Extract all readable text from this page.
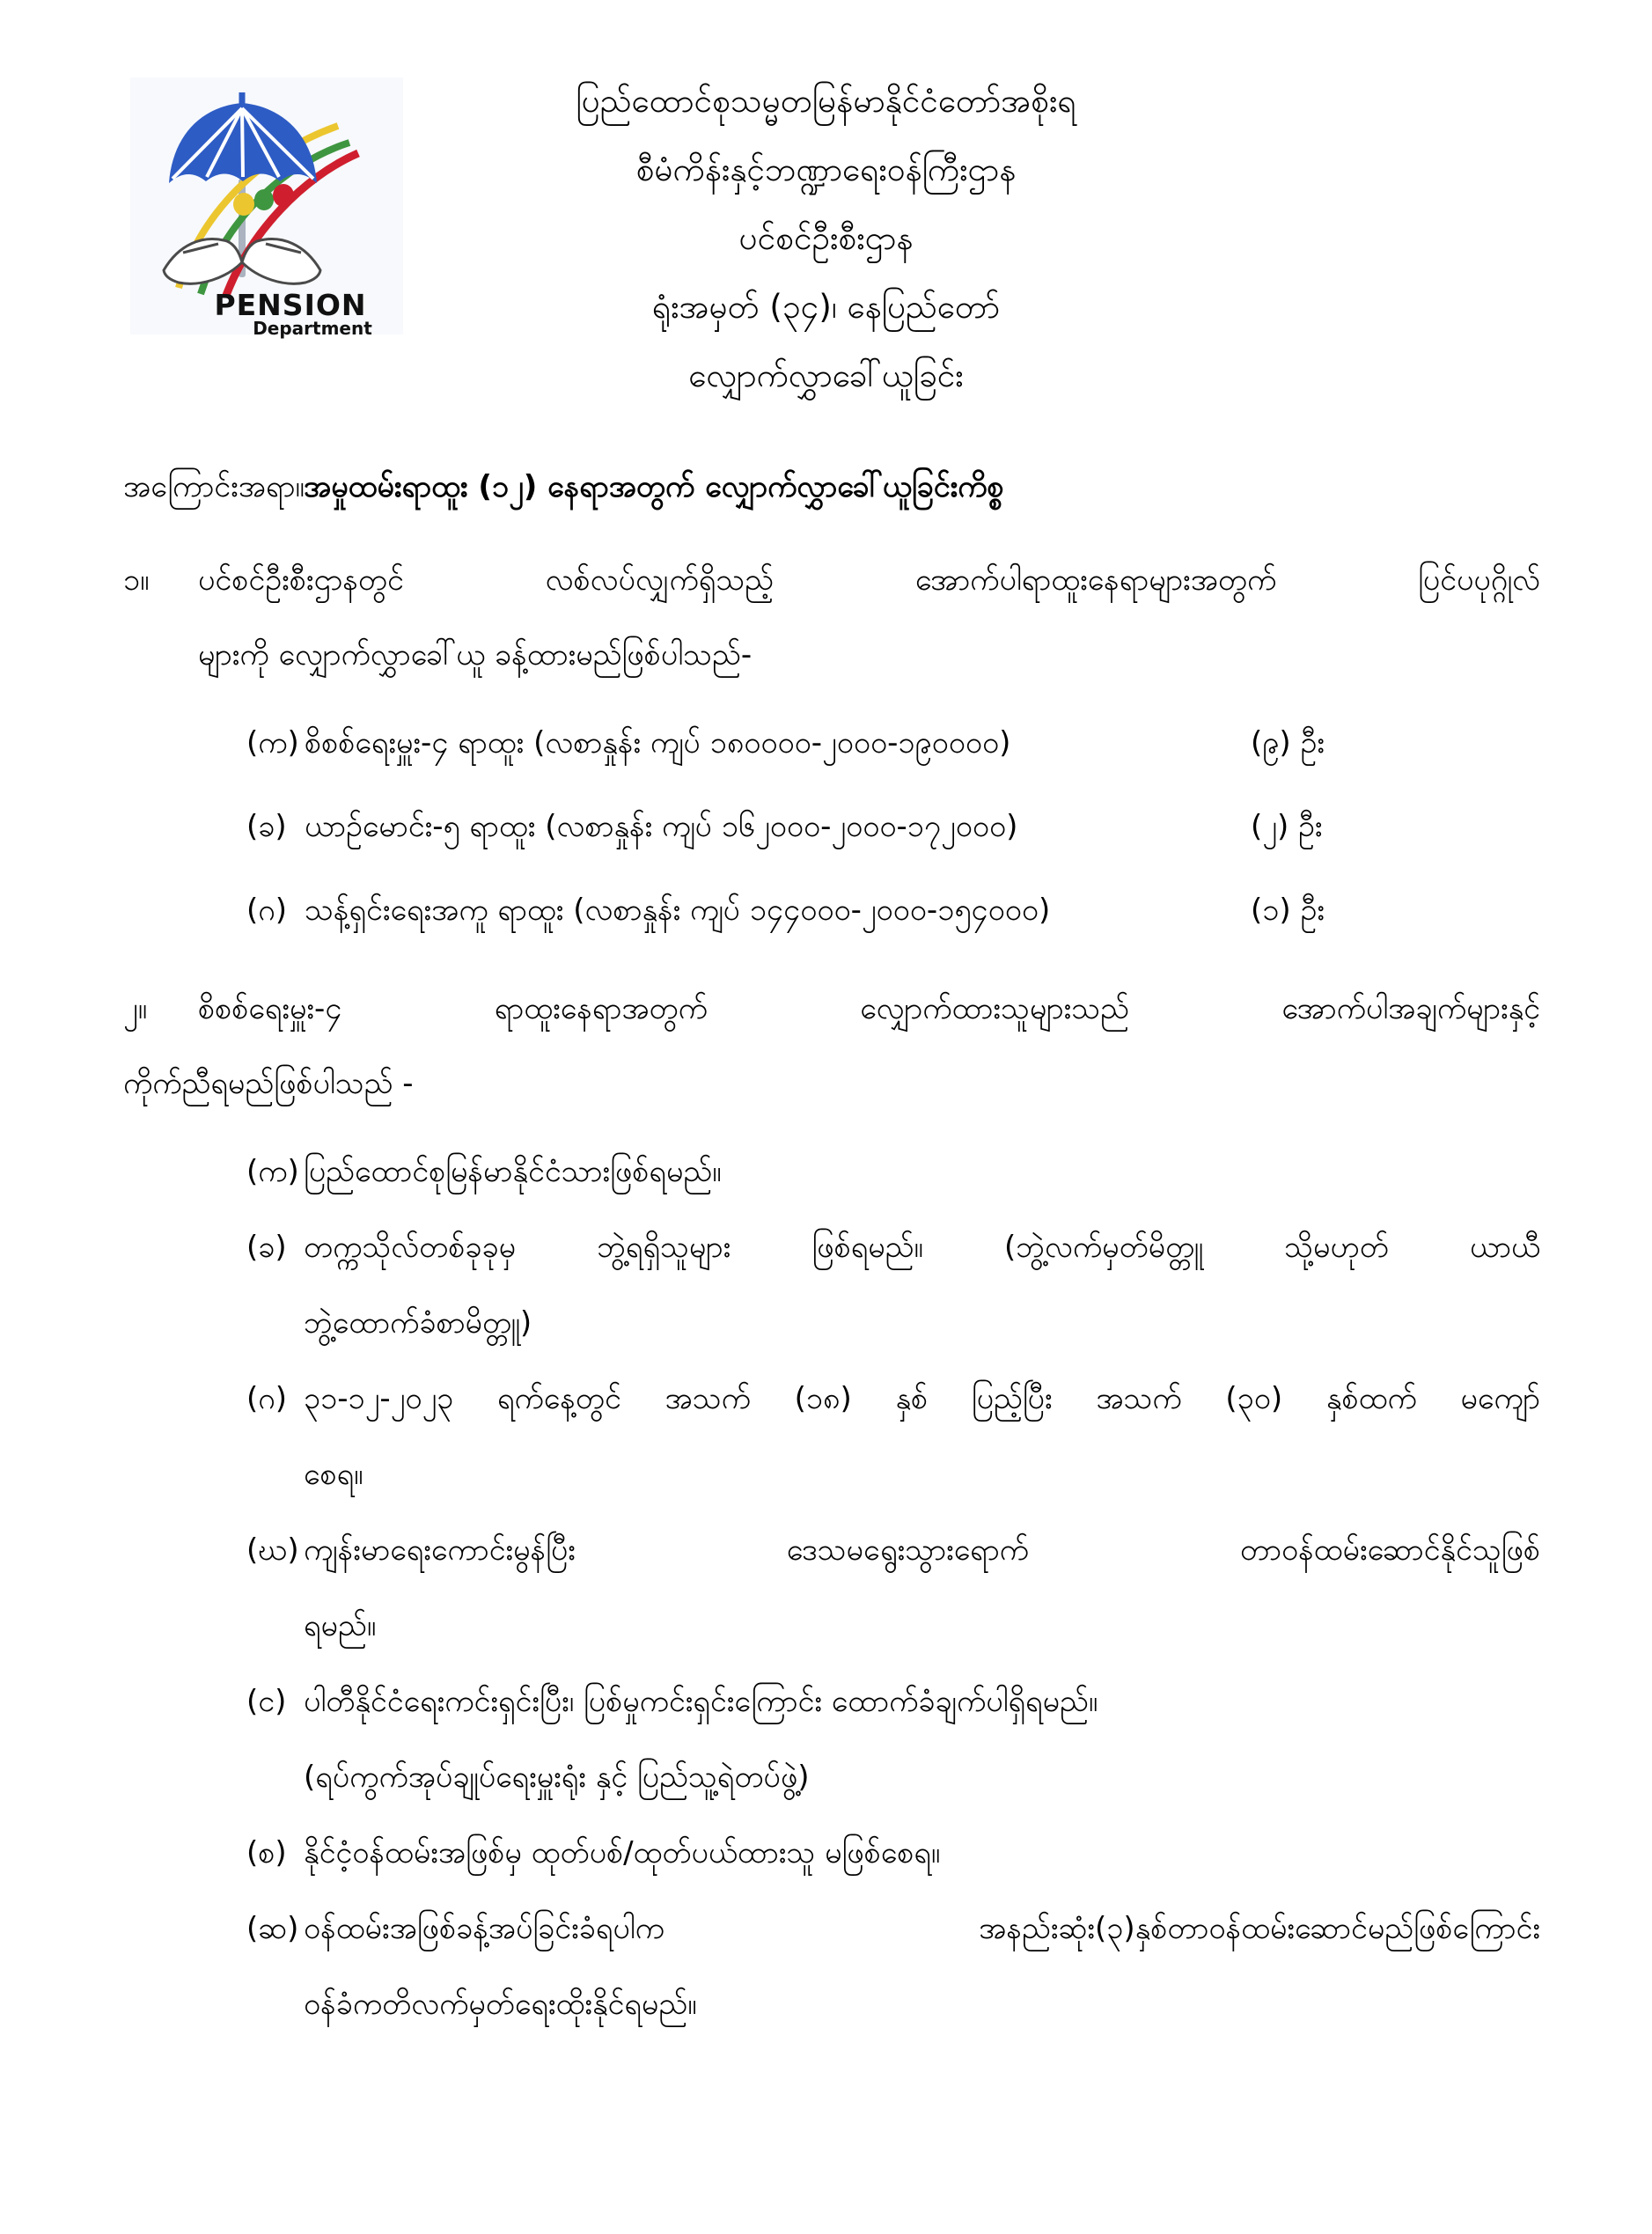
PENSION
Department
ပြည်ထောင်စုသမ္မတမြန်မာနိုင်ငံတော်အစိုးရ
စီမံကိန်းနှင့်ဘဏ္ဍာရေးဝန်ကြီးဌာန
ပင်စင်ဦးစီးဌာန
ရုံးအမှတ် (၃၄)၊ နေပြည်တော်
လျှောက်လွှာခေါ်ယူခြင်း
အကြောင်းအရာ။ အမှုထမ်းရာထူး (၁၂) နေရာအတွက် လျှောက်လွှာခေါ်ယူခြင်းကိစ္စ
၁။	ပင်စင်ဦးစီးဌာနတွင် လစ်လပ်လျှက်ရှိသည့် အောက်ပါရာထူးနေရာများအတွက် ပြင်ပပုဂ္ဂိုလ်
များကို လျှောက်လွှာခေါ်ယူ ခန့်ထားမည်ဖြစ်ပါသည်-
(က) စိစစ်ရေးမှူး-၄ ရာထူး (လစာနှုန်း ကျပ် ၁၈၀၀၀၀-၂၀၀၀-၁၉၀၀၀၀)	(၉) ဦး
(ခ) ယာဉ်မောင်း-၅ ရာထူး (လစာနှုန်း ကျပ် ၁၆၂၀၀၀-၂၀၀၀-၁၇၂၀၀၀)	(၂) ဦး
(ဂ) သန့်ရှင်းရေးအကူ ရာထူး (လစာနှုန်း ကျပ် ၁၄၄၀၀၀-၂၀၀၀-၁၅၄၀၀၀)	(၁) ဦး
၂။ စိစစ်ရေးမှူး-၄ ရာထူးနေရာအတွက် လျှောက်ထားသူများသည် အောက်ပါအချက်များနှင့်
ကိုက်ညီရမည်ဖြစ်ပါသည် -
(က) ပြည်ထောင်စုမြန်မာနိုင်ငံသားဖြစ်ရမည်။
(ခ) တက္ကသိုလ်တစ်ခုခုမှ ဘွဲ့ရရှိသူများ ဖြစ်ရမည်။ (ဘွဲ့လက်မှတ်မိတ္တူ သို့မဟုတ် ယာယီ
ဘွဲ့ထောက်ခံစာမိတ္တူ)
(ဂ) ၃၁-၁၂-၂၀၂၃ ရက်နေ့တွင် အသက် (၁၈) နှစ် ပြည့်ပြီး အသက် (၃၀) နှစ်ထက် မကျော်
စေရ။
(ဃ) ကျန်းမာရေးကောင်းမွန်ပြီး ဒေသမရွေးသွားရောက် တာဝန်ထမ်းဆောင်နိုင်သူဖြစ်
ရမည်။
(င) ပါတီနိုင်ငံရေးကင်းရှင်းပြီး၊ ပြစ်မှုကင်းရှင်းကြောင်း ထောက်ခံချက်ပါရှိရမည်။
(ရပ်ကွက်အုပ်ချုပ်ရေးမှူးရုံး နှင့် ပြည်သူ့ရဲတပ်ဖွဲ့)
(စ) နိုင်ငံ့ဝန်ထမ်းအဖြစ်မှ ထုတ်ပစ်/ထုတ်ပယ်ထားသူ မဖြစ်စေရ။
(ဆ) ဝန်ထမ်းအဖြစ်ခန့်အပ်ခြင်းခံရပါက အနည်းဆုံး(၃)နှစ်တာဝန်ထမ်းဆောင်မည်ဖြစ်ကြောင်း
ဝန်ခံကတိလက်မှတ်ရေးထိုးနိုင်ရမည်။
